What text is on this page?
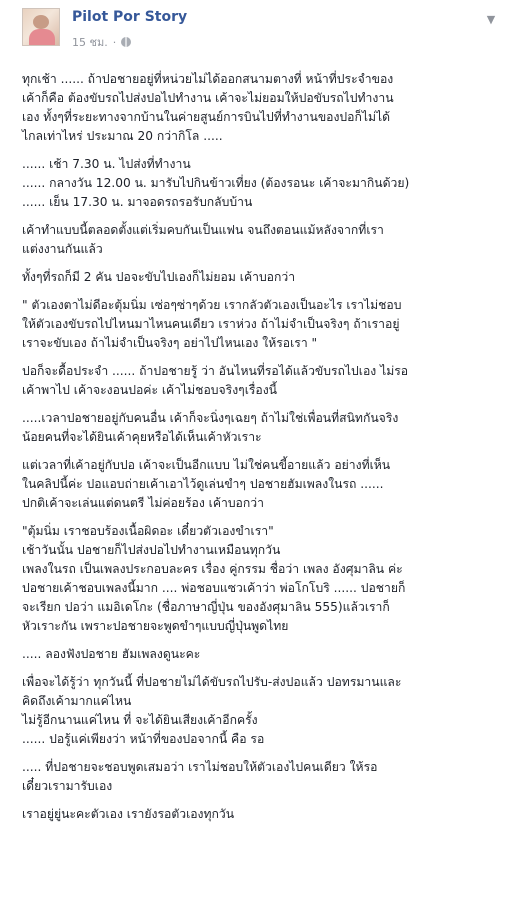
Pilot Por Story
15 ชม. ·
▼

ทุกเช้า ...... ถ้าปอชายอยู่ที่หน่วยไม่ได้ออกสนามตางที่ หน้าที่ประจำของ
เค้าก็คือ ต้องขับรถไปส่งปอไปทำงาน เค้าจะไม่ยอมให้ปอขับรถไปทำงาน
เอง ทั้งๆที่ระยะทางจากบ้านในค่ายสูนย์การบินไปที่ทำงานของปอก็ไม่ได้
ไกลเท่าไหร่ ประมาณ 20 กว่ากิโล .....

...... เช้า 7.30 น. ไปส่งที่ทำงาน
...... กลางวัน 12.00 น. มารับไปกินข้าวเที่ยง (ต้องรอนะ เค้าจะมากินด้วย)
...... เย็น 17.30 น. มาจอดรถรอรับกลับบ้าน

เค้าทำแบบนี้ตลอดตั้งแต่เริ่มคบกันเป็นแฟน จนถึงตอนแม้หลังจากที่เรา
แต่งงานกันแล้ว

ทั้งๆที่รถก็มี 2 คัน ปอจะขับไปเองก็ไม่ยอม เค้าบอกว่า

" ตัวเองตาไม่ดีอะตุ้มนิ่ม เซ่อๆซ่าๆด้วย เรากลัวตัวเองเป็นอะไร เราไม่ชอบ
ให้ตัวเองขับรถไปไหนมาไหนคนเดียว เราห่วง ถ้าไม่จำเป็นจริงๆ ถ้าเราอยู่
เราจะขับเอง ถ้าไม่จำเป็นจริงๆ อย่าไปไหนเอง ให้รอเรา "

ปอก็จะดื้อประจำ ...... ถ้าปอชายรู้ ว่า อันไหนที่รอได้แล้วขับรถไปเอง ไม่รอ
เค้าพาไป เค้าจะงอนปอค่ะ เค้าไม่ชอบจริงๆเรื่องนี้

.....เวลาปอชายอยู่กับคนอื่น เค้าก็จะนิ่งๆเฉยๆ ถ้าไม่ใช่เพื่อนที่สนิทกันจริง
น้อยคนที่จะได้ยินเค้าคุยหรือได้เห็นเค้าหัวเราะ

แต่เวลาที่เค้าอยู่กับปอ เค้าจะเป็นอีกแบบ ไม่ใช่คนขี้อายแล้ว อย่างที่เห็น
ในคลิปนี้ค่ะ ปอแอบถ่ายเค้าเอาไว้ดูเล่นขำๆ ปอชายฮัมเพลงในรถ ......
ปกติเค้าจะเล่นแต่ดนตรี ไม่ค่อยร้อง เค้าบอกว่า

"ตุ้มนิ่ม เราชอบร้องเนื้อผิดอะ เดี๋ยวตัวเองขำเรา"
เช้าวันนั้น ปอชายก็ไปส่งปอไปทำงานเหมือนทุกวัน
เพลงในรถ เป็นเพลงประกอบละคร เรื่อง คู่กรรม ชื่อว่า เพลง อังศุมาลิน ค่ะ
ปอชายเค้าชอบเพลงนี้มาก .... พ่อชอบแซวเค้าว่า พ่อโกโบริ ...... ปอชายก็
จะเรียก ปอว่า แมอิเดโกะ (ชื่อภาษาญี่ปุ่น ของอังศุมาลิน 555)แล้วเราก็
หัวเราะกัน เพราะปอชายจะพูดขำๆแบบญี่ปุ่นพูดไทย

..... ลองฟังปอชาย ฮัมเพลงดูนะคะ

เพื่อจะได้รู้ว่า ทุกวันนี้ ที่ปอชายไม่ได้ขับรถไปรับ-ส่งปอแล้ว ปอทรมานและ
คิดถึงเค้ามากแค่ไหน
ไม่รู้อีกนานแค่ไหน ที่ จะได้ยินเสียงเค้าอีกครั้ง
...... ปอรู้แค่เพียงว่า หน้าที่ของปอจากนี้ คือ รอ

..... ที่ปอชายจะชอบพูดเสมอว่า เราไม่ชอบให้ตัวเองไปคนเดียว ให้รอ
เดี๋ยวเรามารับเอง

เราอยู่ยู่นะคะตัวเอง เรายังรอตัวเองทุกวัน
